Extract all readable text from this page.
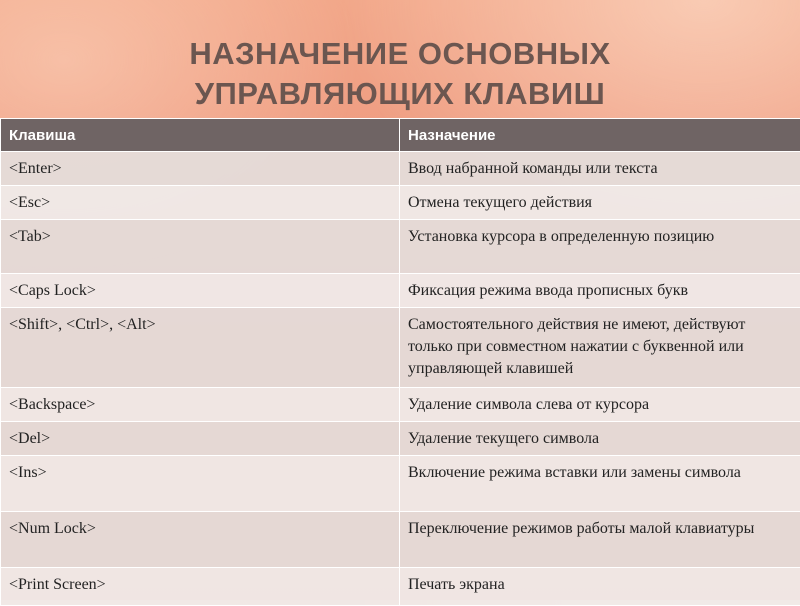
НАЗНАЧЕНИЕ ОСНОВНЫХ
УПРАВЛЯЮЩИХ КЛАВИШ
Клавиша	Назначение
<Enter>	Ввод набранной команды или текста
<Esc>	Отмена текущего действия
<Tab>	Установка курсора в определенную позицию
<Caps Lock>	Фиксация режима ввода прописных букв
<Shift>, <Ctrl>, <Alt>	Самостоятельного действия не имеют, действуют только при совместном нажатии с буквенной или управляющей клавишей
<Backspace>	Удаление символа слева от курсора
<Del>	Удаление текущего символа
<Ins>	Включение режима вставки или замены символа
<Num Lock>	Переключение режимов работы малой клавиатуры
<Print Screen>	Печать экрана
